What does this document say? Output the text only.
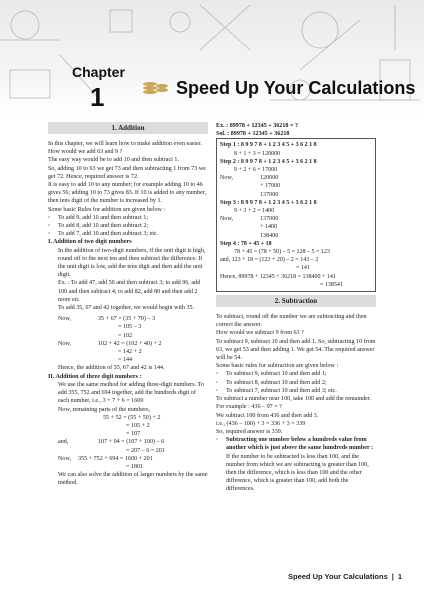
Chapter
1	Speed Up Your Calculations
1. Addition

In this chapter, we will learn how to make addition even easier.

How would we add 63 and 9 ?

The easy way would be to add 10 and then subtract 1.

So, adding 10 to 63 we get 73 and then subtracting 1 from 73 we get 72. Hence, required answer is 72.

It is easy to add 10 to any number; for example adding 10 to 46 gives 56; adding 10 to 73 gives 83. If 10 is added to any number, then tens digit of the number is increased by 1.

Some basic Rules for addition are given below :

◦	To add 9, add 10 and then subtract 1;
◦	To add 8, add 10 and then subtract 2;
◦	To add 7, add 10 and then subtract 3; etc.

I. Addition of two digit numbers

In the addition of two-digit numbers, if the unit digit is high, round off to the next ten and then subtract the difference. If the unit digit is low, add the tens digit and then add the unit digit.

Ex. : To add 47, add 50 and then subtract 3; to add 96, add 100 and then subtract 4; to add 82, add 80 and then add 2 more etc.

To add 35, 67 and 42 together, we would begin with 35.

Now,	35 + 67 = (35 + 70) – 3
= 105 – 3
= 102
Now,	102 + 42 = (102 + 40) + 2
= 142 + 2
= 144

Hence, the addition of 35, 67 and 42 is 144.

II. Addition of three digit numbers :

We use the same method for adding three-digit numbers. To add 355, 752 and 694 together, add the hundreds digit of each number, i.e., 3 + 7 + 6 = 1600

Now, remaining parts of the numbers,

55 + 52 = (55 + 50) + 2
= 105 + 2
= 107
and,	107 + 94 = (107 + 100) – 6
= 207 – 6 = 201
Now,	355 + 752 + 694 = 1600 + 201
= 1801

We can also solve the addition of larger numbers by the same method.

Ex. : 89978 + 12345 + 36218 = ?

Sol. : 89978 + 12345 + 36218

Step 1 : 8 9 9 7 8 + 1 2 3 4 5 + 3 6 2 1 8

8 + 1 + 3 = 120000

Step 2 : 8 9 9 7 8 + 1 2 3 4 5 + 3 6 2 1 8

9 + 2 + 6 = 17000

Now,	120000
+ 17000
137000

Step 3 : 8 9 9 7 8 + 1 2 3 4 5 + 3 6 2 1 8

9 + 3 + 2 = 1400

Now,	137000
+ 1400
138400

Step 4 : 78 + 45 + 18

78 + 45 = (78 + 50) – 5 = 128 – 5 = 123

and, 123 + 18 = (123 + 20) – 2 = 143 – 2

= 141

Hence, 89978 + 12345 + 36218 = 138400 + 141

= 138541

2. Subtraction

To subtract, round off the number we are subtracting and then correct the answer.

How would we subtract 9 from 63 ?

To subtract 9, subtract 10 and then add 1. So, subtracting 10 from 63, we get 53 and then adding 1. We get 54. The required answer will be 54.

Some basic rules for subtraction are given below :

◦	To subtract 9, subtract 10 and then add 1;
◦	To subtract 8, subtract 10 and then add 2;
◦	To subtract 7, subtract 10 and then add 3; etc.

To subtract a number near 100, take 100 and add the remainder.

For example : 436 – 97 = ?

We subtract 100 from 436 and then add 3.

i.e., (436 – 100) + 3 = 336 + 3 = 339

So, required answer is 339.

◦	Subtracting one number below a hundreds value from another which is just above the same hundreds number :

If the number to be subtracted is less than 100, and the number from which we are subtracting is greater than 100, then the difference, which is less than 100 and the other difference, which is greater than 100, add both the differences.

Speed Up Your Calculations | 1
